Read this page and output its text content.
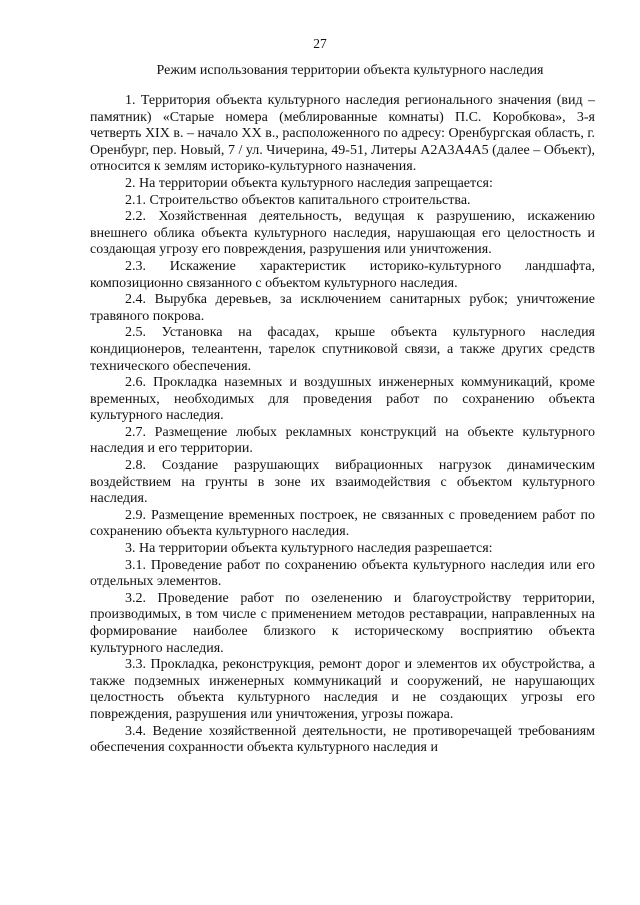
27
Режим использования территории объекта культурного наследия

1. Территория объекта культурного наследия регионального значения (вид – памятник) «Старые номера (меблированные комнаты) П.С. Коробкова», 3-я четверть XIX в. – начало XX в., расположенного по адресу: Оренбургская область, г. Оренбург, пер. Новый, 7 / ул. Чичерина, 49-51, Литеры А2А3А4А5 (далее – Объект), относится к землям историко-культурного назначения.

2. На территории объекта культурного наследия запрещается:

2.1. Строительство объектов капитального строительства.

2.2. Хозяйственная деятельность, ведущая к разрушению, искажению внешнего облика объекта культурного наследия, нарушающая его целостность и создающая угрозу его повреждения, разрушения или уничтожения.

2.3. Искажение характеристик историко-культурного ландшафта, композиционно связанного с объектом культурного наследия.

2.4. Вырубка деревьев, за исключением санитарных рубок; уничтожение травяного покрова.

2.5. Установка на фасадах, крыше объекта культурного наследия кондиционеров, телеантенн, тарелок спутниковой связи, а также других средств технического обеспечения.

2.6. Прокладка наземных и воздушных инженерных коммуникаций, кроме временных, необходимых для проведения работ по сохранению объекта культурного наследия.

2.7. Размещение любых рекламных конструкций на объекте культурного наследия и его территории.

2.8. Создание разрушающих вибрационных нагрузок динамическим воздействием на грунты в зоне их взаимодействия с объектом культурного наследия.

2.9. Размещение временных построек, не связанных с проведением работ по сохранению объекта культурного наследия.

3. На территории объекта культурного наследия разрешается:

3.1. Проведение работ по сохранению объекта культурного наследия или его отдельных элементов.

3.2. Проведение работ по озеленению и благоустройству территории, производимых, в том числе с применением методов реставрации, направленных на формирование наиболее близкого к историческому восприятию объекта культурного наследия.

3.3. Прокладка, реконструкция, ремонт дорог и элементов их обустройства, а также подземных инженерных коммуникаций и сооружений, не нарушающих целостность объекта культурного наследия и не создающих угрозы его повреждения, разрушения или уничтожения, угрозы пожара.

3.4. Ведение хозяйственной деятельности, не противоречащей требованиям обеспечения сохранности объекта культурного наследия и
